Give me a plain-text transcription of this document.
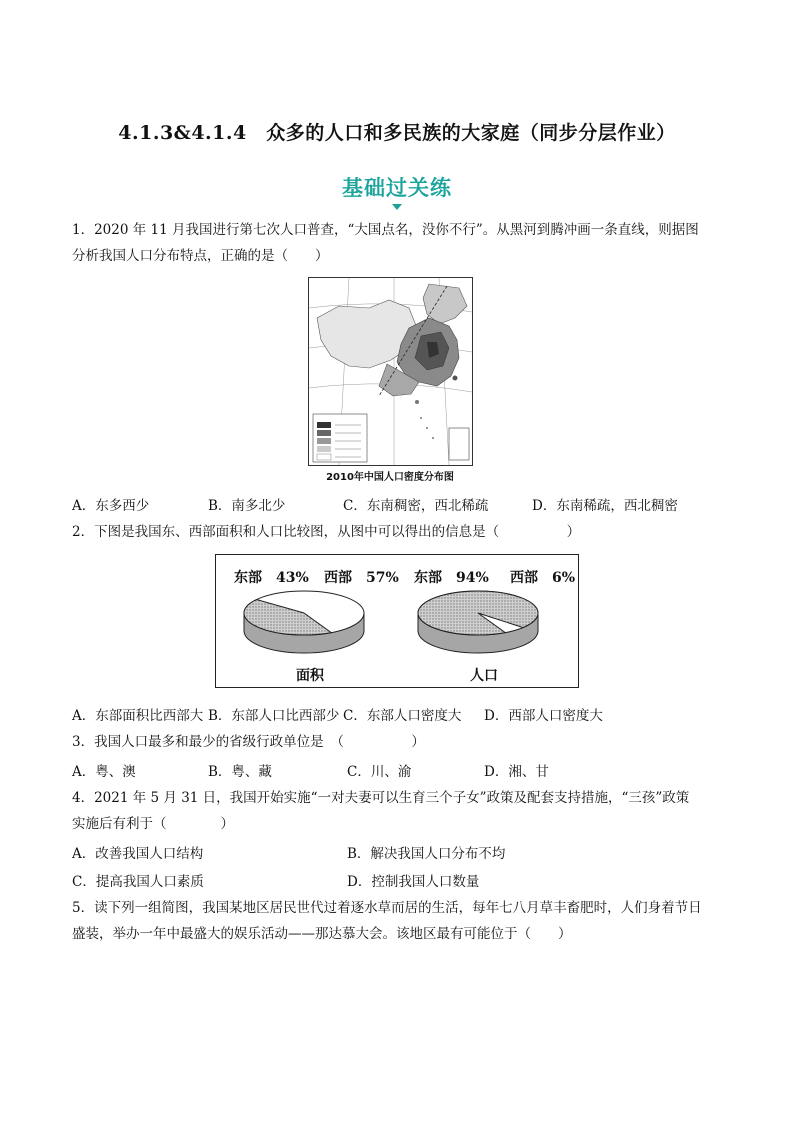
4.1.3&4.1.4　众多的人口和多民族的大家庭（同步分层作业）
基础过关练
1．2020 年 11 月我国进行第七次人口普查，“大国点名，没你不行”。从黑河到腾冲画一条直线，则据图
分析我国人口分布特点，正确的是（　　）
2010年中国人口密度分布图
A．东多西少	B．南多北少	C．东南稠密，西北稀疏	D．东南稀疏，西北稠密
2．下图是我国东、西部面积和人口比较图，从图中可以得出的信息是（　　　　　）
东部　43% 西部　57% 东部　94% 西部　6%
面积	人口
A．东部面积比西部大 B．东部人口比西部少 C．东部人口密度大 D．西部人口密度大
3．我国人口最多和最少的省级行政单位是　（　　　　　）
A．粤、澳	B．粤、藏	C．川、渝	D．湘、甘
4．2021 年 5 月 31 日，我国开始实施“一对夫妻可以生育三个子女”政策及配套支持措施，“三孩”政策
实施后有利于（　　　　）
A．改善我国人口结构	B．解决我国人口分布不均
C．提高我国人口素质	D．控制我国人口数量
5．读下列一组简图，我国某地区居民世代过着逐水草而居的生活，每年七八月草丰畜肥时，人们身着节日
盛装，举办一年中最盛大的娱乐活动——那达慕大会。该地区最有可能位于（　　）
